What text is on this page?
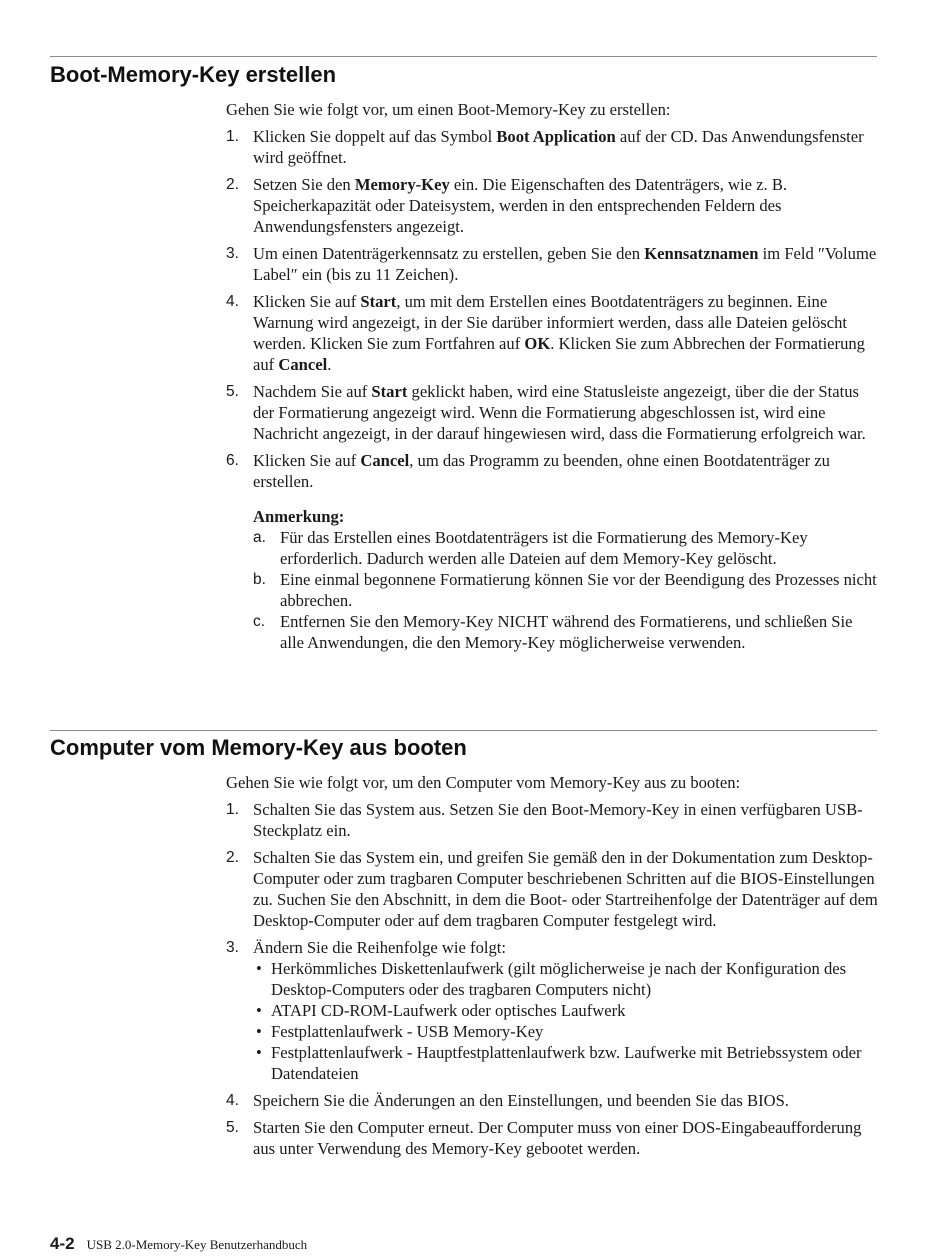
Boot-Memory-Key erstellen

Gehen Sie wie folgt vor, um einen Boot-Memory-Key zu erstellen:

1. Klicken Sie doppelt auf das Symbol Boot Application auf der CD. Das Anwendungsfenster wird geöffnet.
2. Setzen Sie den Memory-Key ein. Die Eigenschaften des Datenträgers, wie z. B. Speicherkapazität oder Dateisystem, werden in den entsprechenden Feldern des Anwendungsfensters angezeigt.
3. Um einen Datenträgerkennsatz zu erstellen, geben Sie den Kennsatznamen im Feld ″Volume Label″ ein (bis zu 11 Zeichen).
4. Klicken Sie auf Start, um mit dem Erstellen eines Bootdatenträgers zu beginnen. Eine Warnung wird angezeigt, in der Sie darüber informiert werden, dass alle Dateien gelöscht werden. Klicken Sie zum Fortfahren auf OK. Klicken Sie zum Abbrechen der Formatierung auf Cancel.
5. Nachdem Sie auf Start geklickt haben, wird eine Statusleiste angezeigt, über die der Status der Formatierung angezeigt wird. Wenn die Formatierung abgeschlossen ist, wird eine Nachricht angezeigt, in der darauf hingewiesen wird, dass die Formatierung erfolgreich war.
6. Klicken Sie auf Cancel, um das Programm zu beenden, ohne einen Bootdatenträger zu erstellen.
Anmerkung:
a. Für das Erstellen eines Bootdatenträgers ist die Formatierung des Memory-Key erforderlich. Dadurch werden alle Dateien auf dem Memory-Key gelöscht.
b. Eine einmal begonnene Formatierung können Sie vor der Beendigung des Prozesses nicht abbrechen.
c. Entfernen Sie den Memory-Key NICHT während des Formatierens, und schließen Sie alle Anwendungen, die den Memory-Key möglicherweise verwenden.
Computer vom Memory-Key aus booten

Gehen Sie wie folgt vor, um den Computer vom Memory-Key aus zu booten:

1. Schalten Sie das System aus. Setzen Sie den Boot-Memory-Key in einen verfügbaren USB-Steckplatz ein.
2. Schalten Sie das System ein, und greifen Sie gemäß den in der Dokumentation zum Desktop-Computer oder zum tragbaren Computer beschriebenen Schritten auf die BIOS-Einstellungen zu. Suchen Sie den Abschnitt, in dem die Boot- oder Startreihenfolge der Datenträger auf dem Desktop-Computer oder auf dem tragbaren Computer festgelegt wird.
3. Ändern Sie die Reihenfolge wie folgt:
• Herkömmliches Diskettenlaufwerk (gilt möglicherweise je nach der Konfiguration des Desktop-Computers oder des tragbaren Computers nicht)
• ATAPI CD-ROM-Laufwerk oder optisches Laufwerk
• Festplattenlaufwerk - USB Memory-Key
• Festplattenlaufwerk - Hauptfestplattenlaufwerk bzw. Laufwerke mit Betriebssystem oder Datendateien
4. Speichern Sie die Änderungen an den Einstellungen, und beenden Sie das BIOS.
5. Starten Sie den Computer erneut. Der Computer muss von einer DOS-Eingabeaufforderung aus unter Verwendung des Memory-Key gebootet werden.
4-2 USB 2.0-Memory-Key Benutzerhandbuch
